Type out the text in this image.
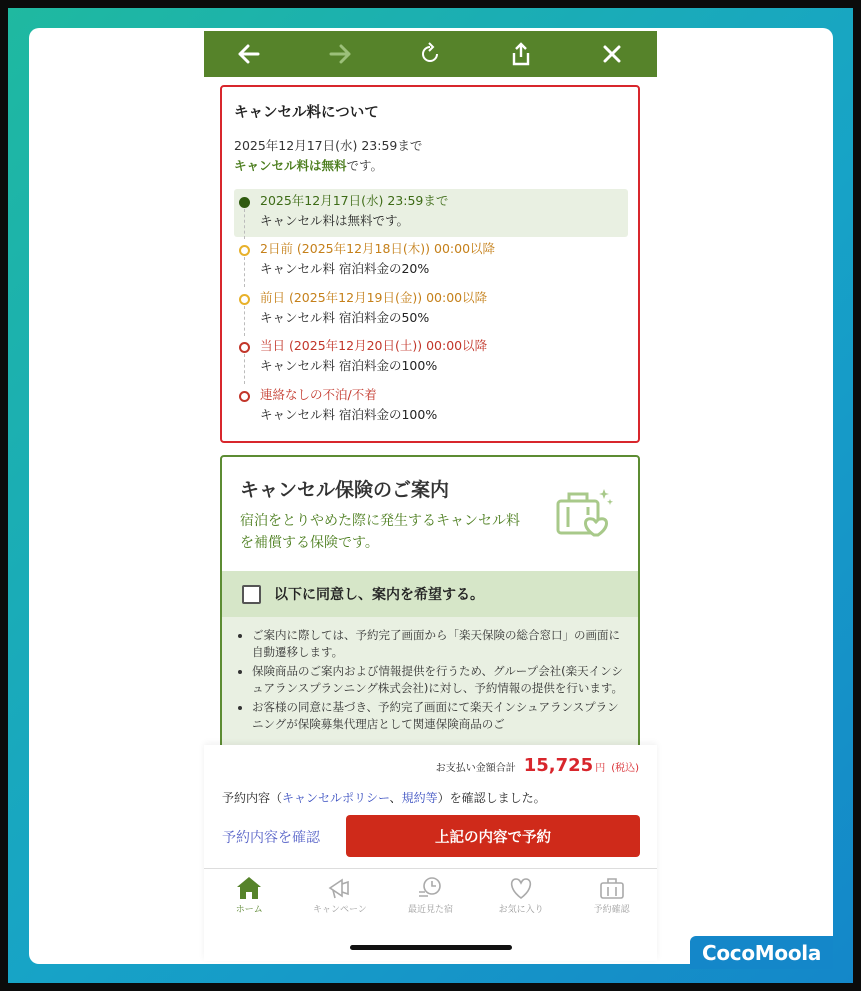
キャンセル料について
2025年12月17日(水) 23:59まで
キャンセル料は無料です。
2025年12月17日(水) 23:59まで
キャンセル料は無料です。
2日前 (2025年12月18日(木)) 00:00以降
キャンセル料 宿泊料金の20%
前日 (2025年12月19日(金)) 00:00以降
キャンセル料 宿泊料金の50%
当日 (2025年12月20日(土)) 00:00以降
キャンセル料 宿泊料金の100%
連絡なしの不泊/不着
キャンセル料 宿泊料金の100%
キャンセル保険のご案内
宿泊をとりやめた際に発生するキャンセル料を補償する保険です。
以下に同意し、案内を希望する。
• ご案内に際しては、予約完了画面から「楽天保険の総合窓口」の画面に自動遷移します。
• 保険商品のご案内および情報提供を行うため、グループ会社(楽天インシュアランスプランニング株式会社)に対し、予約情報の提供を行います。
• お客様の同意に基づき、予約完了画面にて楽天インシュアランスプランニングが保険募集代理店として関連保険商品のご
お支払い金額合計 15,725 円 (税込)
予約内容（キャンセルポリシー、規約等）を確認しました。
予約内容を確認	上記の内容で予約
ホーム	キャンペーン	最近見た宿	お気に入り	予約確認
CocoMoola
